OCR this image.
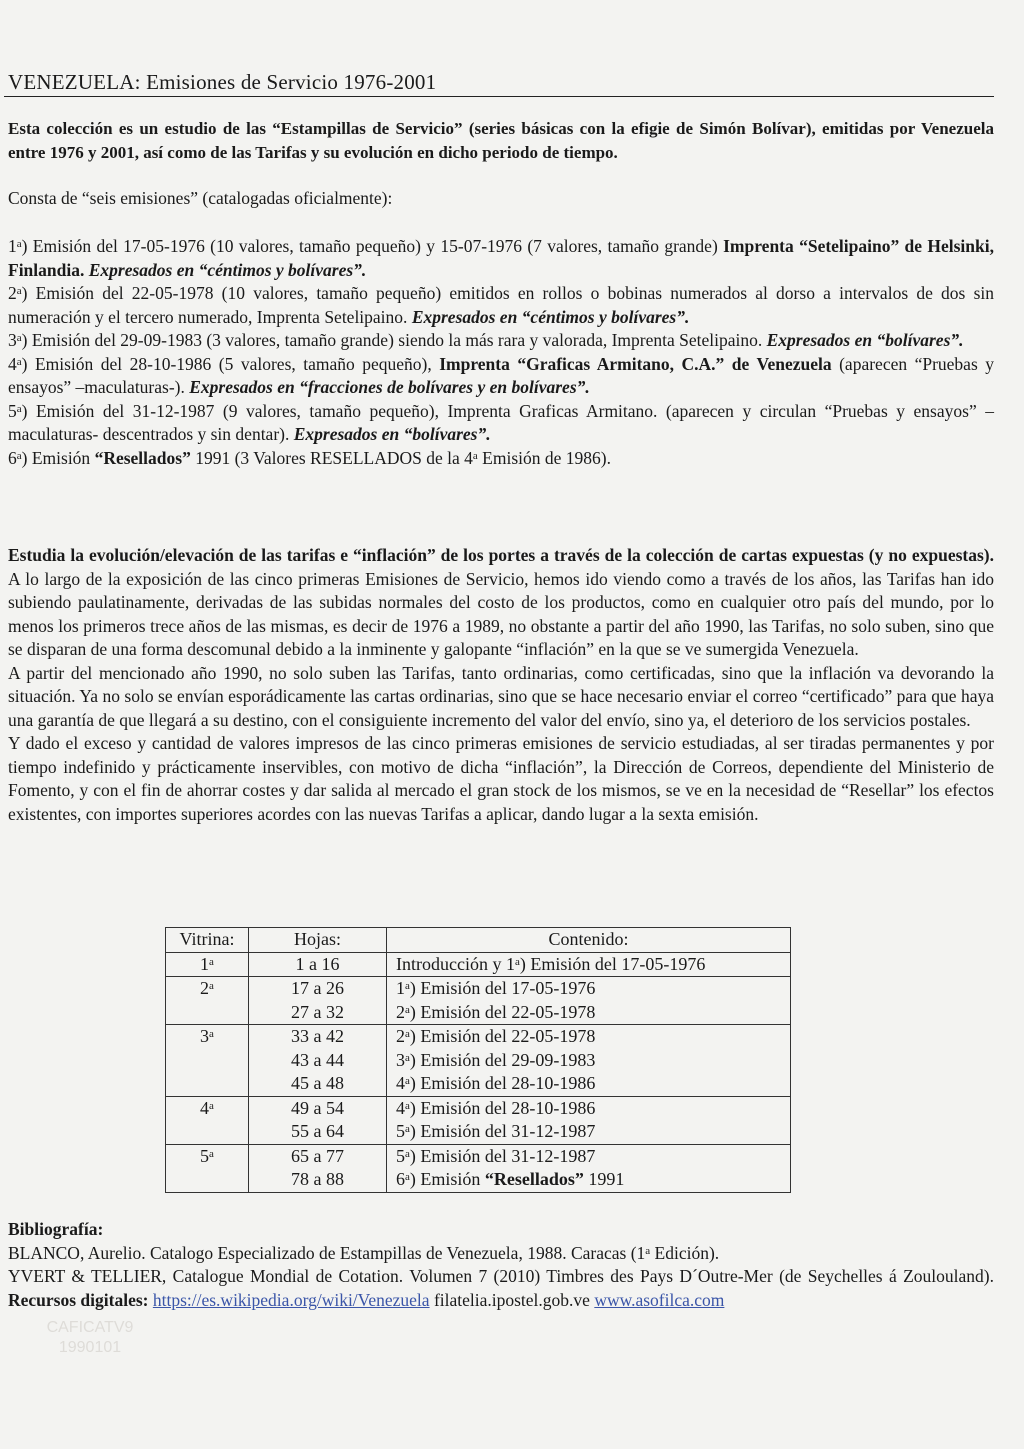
VENEZUELA: Emisiones de Servicio 1976-2001
Esta colección es un estudio de las “Estampillas de Servicio” (series básicas con la efigie de Simón Bolívar), emitidas por Venezuela entre 1976 y 2001, así como de las Tarifas y su evolución en dicho periodo de tiempo.
Consta de “seis emisiones” (catalogadas oficialmente):

1$^a$) Emisión del 17-05-1976 (10 valores, tamaño pequeño) y 15-07-1976 (7 valores, tamaño grande) Imprenta “Setelipaino” de Helsinki, Finlandia. Expresados en “céntimos y bolívares”.

2$^a$) Emisión del 22-05-1978 (10 valores, tamaño pequeño) emitidos en rollos o bobinas numerados al dorso a intervalos de dos sin numeración y el tercero numerado, Imprenta Setelipaino. Expresados en “céntimos y bolívares”.

3$^a$) Emisión del 29-09-1983 (3 valores, tamaño grande) siendo la más rara y valorada, Imprenta Setelipaino. Expresados en “bolívares”.

4$^a$) Emisión del 28-10-1986 (5 valores, tamaño pequeño), Imprenta “Graficas Armitano, C.A.” de Venezuela (aparecen “Pruebas y ensayos” –maculaturas-). Expresados en “fracciones de bolívares y en bolívares”.

5$^a$) Emisión del 31-12-1987 (9 valores, tamaño pequeño), Imprenta Graficas Armitano. (aparecen y circulan “Pruebas y ensayos” – maculaturas- descentrados y sin dentar). Expresados en “bolívares”.

6$^a$) Emisión “Resellados” 1991 (3 Valores RESELLADOS de la 4$^a$ Emisión de 1986).

Estudia la evolución/elevación de las tarifas e “inflación” de los portes a través de la colección de cartas expuestas (y no expuestas). A lo largo de la exposición de las cinco primeras Emisiones de Servicio, hemos ido viendo como a través de los años, las Tarifas han ido subiendo paulatinamente, derivadas de las subidas normales del costo de los productos, como en cualquier otro país del mundo, por lo menos los primeros trece años de las mismas, es decir de 1976 a 1989, no obstante a partir del año 1990, las Tarifas, no solo suben, sino que se disparan de una forma descomunal debido a la inminente y galopante “inflación” en la que se ve sumergida Venezuela.

A partir del mencionado año 1990, no solo suben las Tarifas, tanto ordinarias, como certificadas, sino que la inflación va devorando la situación. Ya no solo se envían esporádicamente las cartas ordinarias, sino que se hace necesario enviar el correo “certificado” para que haya una garantía de que llegará a su destino, con el consiguiente incremento del valor del envío, sino ya, el deterioro de los servicios postales.

Y dado el exceso y cantidad de valores impresos de las cinco primeras emisiones de servicio estudiadas, al ser tiradas permanentes y por tiempo indefinido y prácticamente inservibles, con motivo de dicha “inflación”, la Dirección de Correos, dependiente del Ministerio de Fomento, y con el fin de ahorrar costes y dar salida al mercado el gran stock de los mismos, se ve en la necesidad de “Resellar” los efectos existentes, con importes superiores acordes con las nuevas Tarifas a aplicar, dando lugar a la sexta emisión.

Vitrina:	Hojas:	Contenido:
1$^a$	1 a 16	Introducción y 1$^a$) Emisión del 17-05-1976
2$^a$	17 a 26	1$^a$) Emisión del 17-05-1976
	27 a 32	2$^a$) Emisión del 22-05-1978
3$^a$	33 a 42	2$^a$) Emisión del 22-05-1978
	43 a 44	3$^a$) Emisión del 29-09-1983
	45 a 48	4$^a$) Emisión del 28-10-1986
4$^a$	49 a 54	4$^a$) Emisión del 28-10-1986
	55 a 64	5$^a$) Emisión del 31-12-1987
5$^a$	65 a 77	5$^a$) Emisión del 31-12-1987
	78 a 88	6$^a$) Emisión “Resellados” 1991

Bibliografía:

BLANCO, Aurelio. Catalogo Especializado de Estampillas de Venezuela, 1988. Caracas (1$^a$ Edición).

YVERT & TELLIER, Catalogue Mondial de Cotation. Volumen 7 (2010) Timbres des Pays D´Outre-Mer (de Seychelles á Zoulouland). Recursos digitales: https://es.wikipedia.org/wiki/Venezuela filatelia.ipostel.gob.ve www.asofilca.com

CAFICATV9
1990101
